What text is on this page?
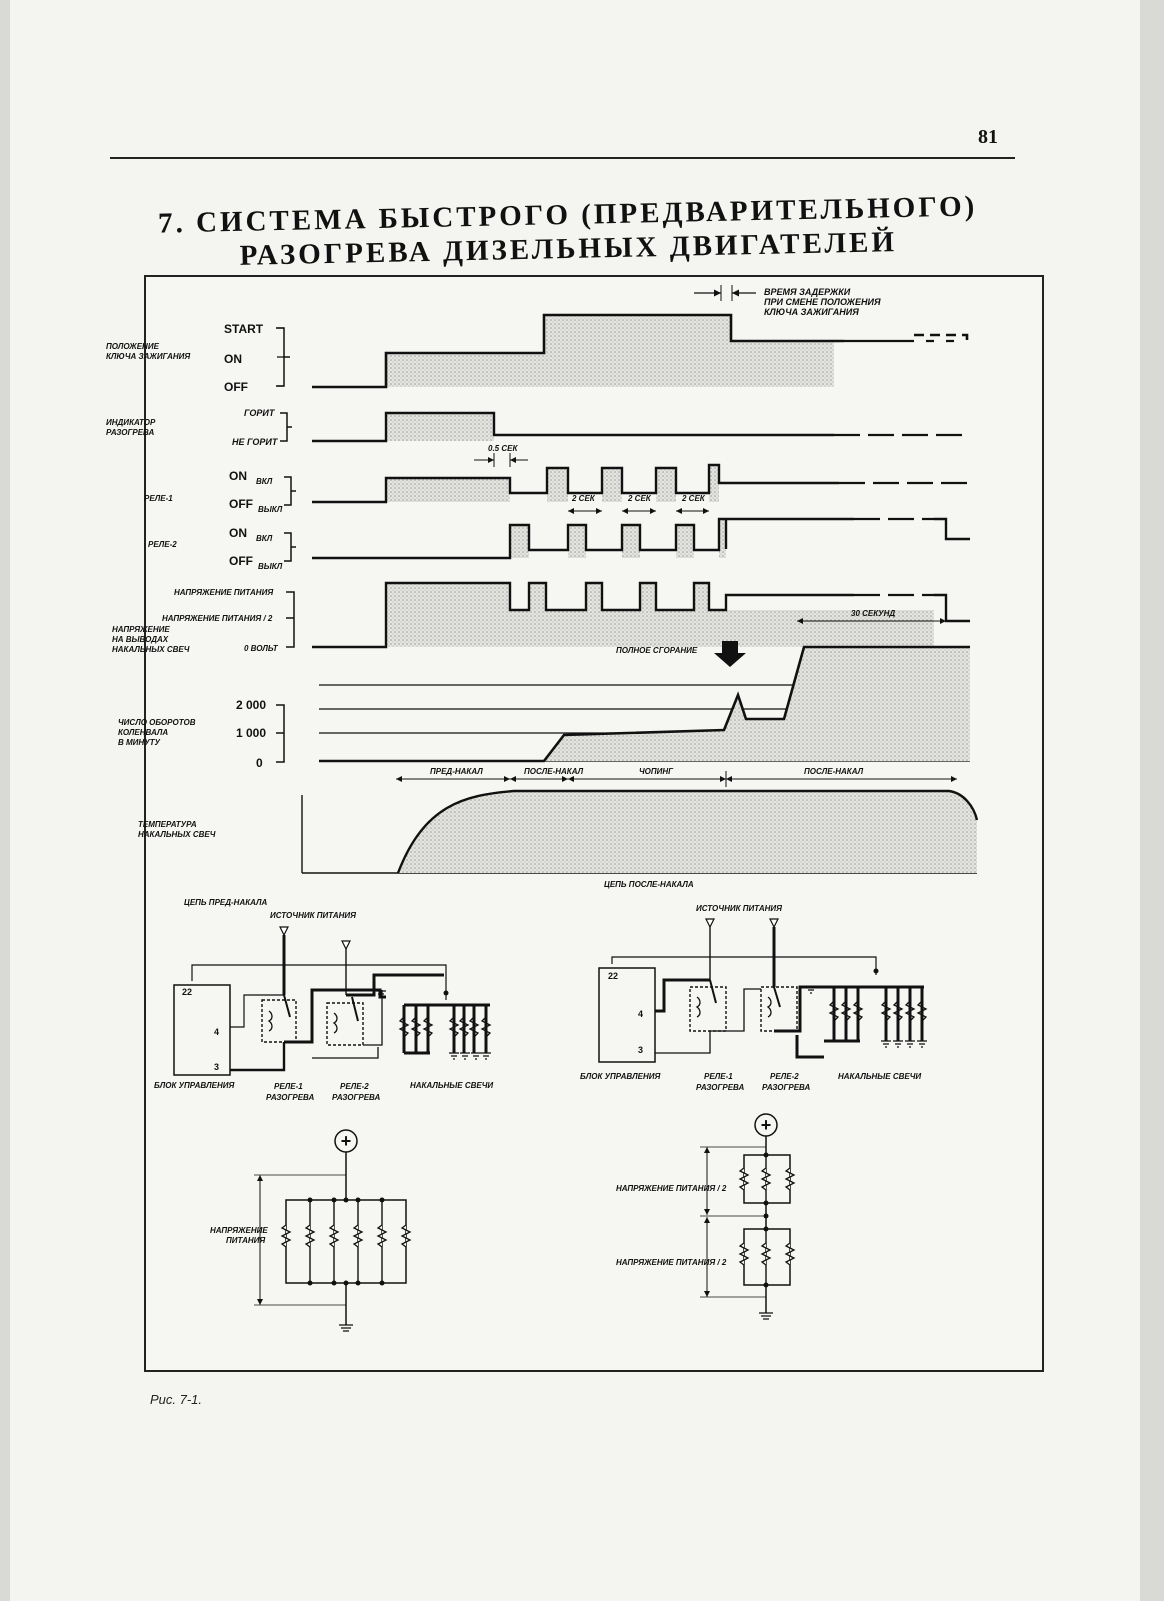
81
7. СИСТЕМА БЫСТРОГО (ПРЕДВАРИТЕЛЬНОГО)
РАЗОГРЕВА ДИЗЕЛЬНЫХ ДВИГАТЕЛЕЙ
Рис. 7-1.
ВРЕМЯ ЗАДЕРЖКИ
ПРИ СМЕНЕ ПОЛОЖЕНИЯ
КЛЮЧА ЗАЖИГАНИЯ
ПОЛОЖЕНИЕ
КЛЮЧА ЗАЖИГАНИЯ
START
ON
OFF
ИНДИКАТОР
РАЗОГРЕВА
ГОРИТ
НЕ ГОРИТ
0.5 СЕК
РЕЛЕ-1
ON ВКЛ
OFF ВЫКЛ
2 СЕК	2 СЕК	2 СЕК
РЕЛЕ-2
ON ВКЛ
OFF ВЫКЛ
НАПРЯЖЕНИЕ ПИТАНИЯ
НАПРЯЖЕНИЕ ПИТАНИЯ / 2
0 ВОЛЬТ
НАПРЯЖЕНИЕ
НА ВЫВОДАХ
НАКАЛЬНЫХ СВЕЧ
30 СЕКУНД
ПОЛНОЕ СГОРАНИЕ
2 000
1 000
0
ЧИСЛО ОБОРОТОВ
КОЛЕНВАЛА
В МИНУТУ
ПРЕД-НАКАЛ	ПОСЛЕ-НАКАЛ	ЧОПИНГ	ПОСЛЕ-НАКАЛ
ТЕМПЕРАТУРА
НАКАЛЬНЫХ СВЕЧ
ЦЕПЬ ПРЕД-НАКАЛА
ИСТОЧНИК ПИТАНИЯ
22
4
3
БЛОК УПРАВЛЕНИЯ	РЕЛЕ-1
РАЗОГРЕВА
РЕЛЕ-2
РАЗОГРЕВА
НАКАЛЬНЫЕ СВЕЧИ
ЦЕПЬ ПОСЛЕ-НАКАЛА
ИСТОЧНИК ПИТАНИЯ
22
4
3
БЛОК УПРАВЛЕНИЯ	РЕЛЕ-1
РАЗОГРЕВА
РЕЛЕ-2
РАЗОГРЕВА
НАКАЛЬНЫЕ СВЕЧИ
+
НАПРЯЖЕНИЕ
ПИТАНИЯ
+
НАПРЯЖЕНИЕ ПИТАНИЯ / 2
НАПРЯЖЕНИЕ ПИТАНИЯ / 2
